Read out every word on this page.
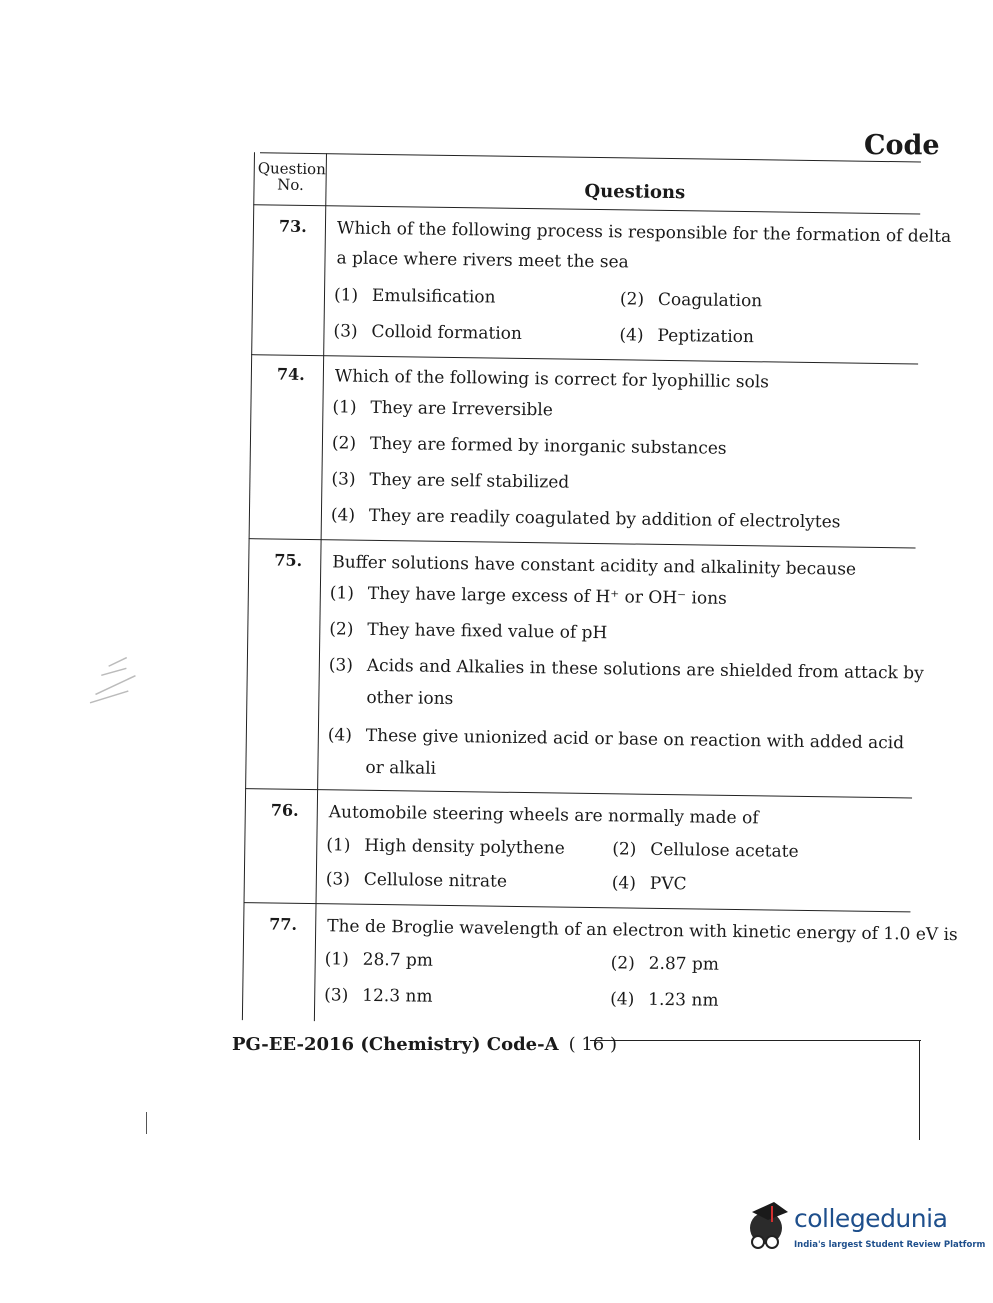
Code
Question No.	Questions
73. Which of the following process is responsible for the formation of delta
a place where rivers meet the sea
(1) Emulsification	(2) Coagulation
(3) Colloid formation	(4) Peptization
74. Which of the following is correct for lyophillic sols
(1) They are Irreversible
(2) They are formed by inorganic substances
(3) They are self stabilized
(4) They are readily coagulated by addition of electrolytes
75. Buffer solutions have constant acidity and alkalinity because
(1) They have large excess of H⁺ or OH⁻ ions
(2) They have fixed value of pH
(3) Acids and Alkalies in these solutions are shielded from attack by
other ions
(4) These give unionized acid or base on reaction with added acid
or alkali
76. Automobile steering wheels are normally made of
(1) High density polythene	(2) Cellulose acetate
(3) Cellulose nitrate	(4) PVC
77. The de Broglie wavelength of an electron with kinetic energy of 1.0 eV is
(1) 28.7 pm	(2) 2.87 pm
(3) 12.3 nm	(4) 1.23 nm
PG-EE-2016 (Chemistry) Code-A ( 16 )
collegedunia
India's largest Student Review Platform
